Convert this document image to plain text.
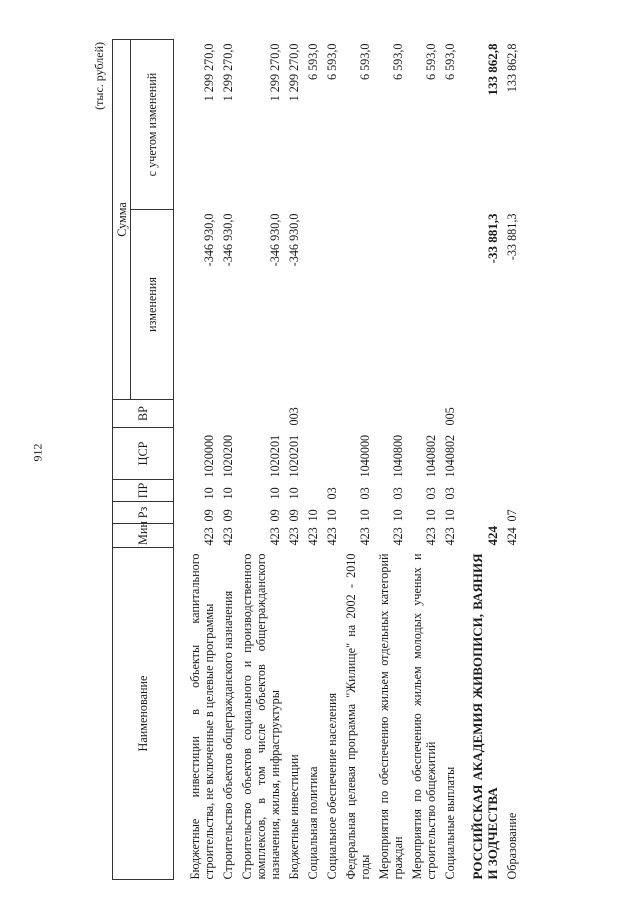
912
(тыс. рублей)
Наименование	Мин	Рз	ПР	ЦСР	ВР	Сумма	
						изменения	с учетом изменений
Бюджетные инвестиции в объекты капитального строительства, не включенные в целевые программы	423	09	10	1020000		-346 930,0	1 299 270,0
Строительство объектов общегражданского назначения	423	09	10	1020200		-346 930,0	1 299 270,0
Строительство объектов социального и производственного комплексов, в том числе объектов общегражданского назначения, жилья, инфраструктуры	423	09	10	1020201		-346 930,0	1 299 270,0
Бюджетные инвестиции	423	09	10	1020201	003	-346 930,0	1 299 270,0
Социальная политика	423	10					6 593,0
Социальное обеспечение населения	423	10	03				6 593,0
Федеральная целевая программа "Жилище" на 2002 - 2010 годы	423	10	03	1040000			6 593,0
Мероприятия по обеспечению жильем отдельных категорий граждан	423	10	03	1040800			6 593,0
Мероприятия по обеспечению жильем молодых ученых и строительство общежитий	423	10	03	1040802			6 593,0
Социальные выплаты	423	10	03	1040802	005		6 593,0
РОССИЙСКАЯ АКАДЕМИЯ ЖИВОПИСИ, ВАЯНИЯ И ЗОДЧЕСТВА	424					-33 881,3	133 862,8
Образование	424	07				-33 881,3	133 862,8
